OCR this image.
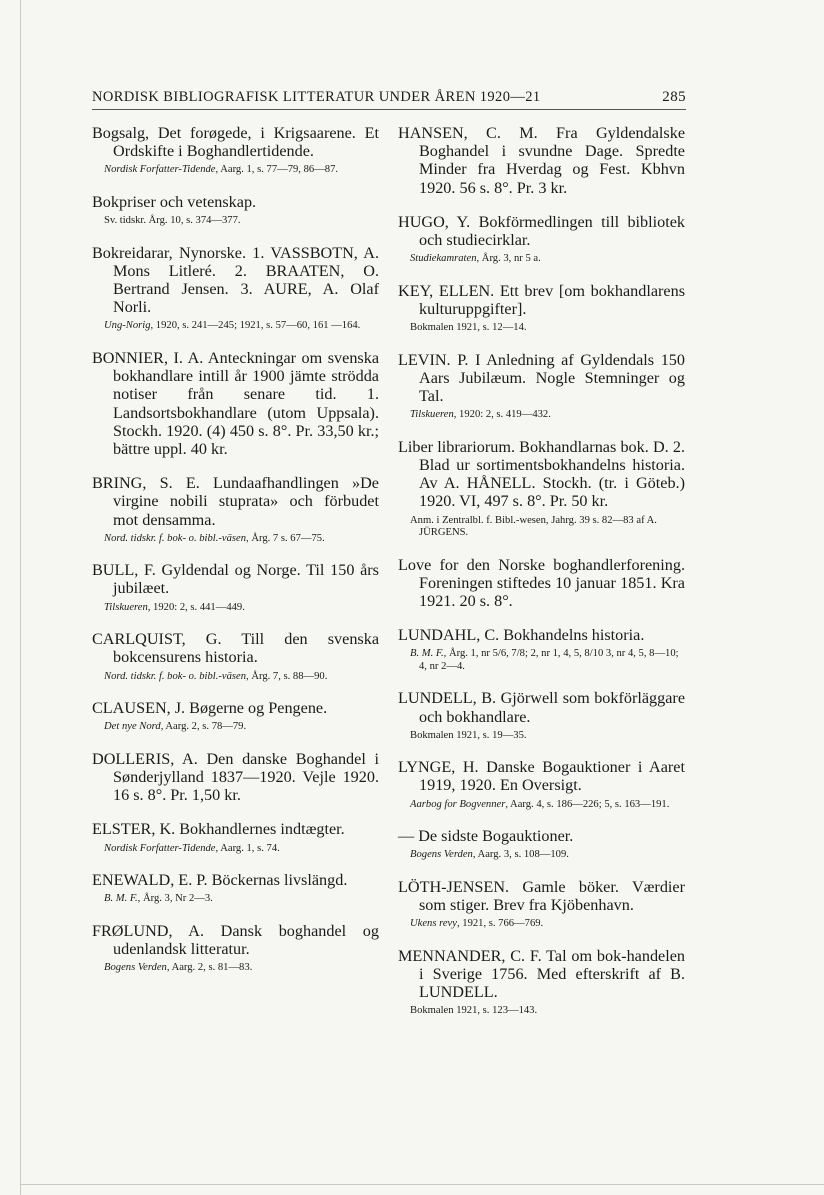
NORDISK BIBLIOGRAFISK LITTERATUR UNDER ÅREN 1920—21	285
Bogsalg, Det forøgede, i Krigsaarene. Et Ordskifte i Boghandlertidende.
Nordisk Forfatter-Tidende, Aarg. 1, s. 77—79, 86—87.
Bokpriser och vetenskap.
Sv. tidskr. Årg. 10, s. 374—377.
Bokreidarar, Nynorske. 1. VASSBOTN, A. Mons Litleré. 2. BRAATEN, O. Bertrand Jensen. 3. AURE, A. Olaf Norli.
Ung-Norig, 1920, s. 241—245; 1921, s. 57—60, 161 —164.
BONNIER, I. A. Anteckningar om svenska bokhandlare intill år 1900 jämte strödda notiser från senare tid. 1. Landsortsbokhandlare (utom Uppsala). Stockh. 1920. (4) 450 s. 8°. Pr. 33,50 kr.; bättre uppl. 40 kr.
BRING, S. E. Lundaafhandlingen »De virgine nobili stuprata» och förbudet mot densamma.
Nord. tidskr. f. bok- o. bibl.-väsen, Årg. 7 s. 67—75.
BULL, F. Gyldendal og Norge. Til 150 års jubilæet.
Tilskueren, 1920: 2, s. 441—449.
CARLQUIST, G. Till den svenska bokcensurens historia.
Nord. tidskr. f. bok- o. bibl.-väsen, Årg. 7, s. 88—90.
CLAUSEN, J. Bøgerne og Pengene.
Det nye Nord, Aarg. 2, s. 78—79.
DOLLERIS, A. Den danske Boghandel i Sønderjylland 1837—1920. Vejle 1920. 16 s. 8°. Pr. 1,50 kr.
ELSTER, K. Bokhandlernes indtægter.
Nordisk Forfatter-Tidende, Aarg. 1, s. 74.
ENEWALD, E. P. Böckernas livslängd.
B. M. F., Årg. 3, Nr 2—3.
FRØLUND, A. Dansk boghandel og udenlandsk litteratur.
Bogens Verden, Aarg. 2, s. 81—83.
HANSEN, C. M. Fra Gyldendalske Boghandel i svundne Dage. Spredte Minder fra Hverdag og Fest. Kbhvn 1920. 56 s. 8°. Pr. 3 kr.
HUGO, Y. Bokförmedlingen till bibliotek och studiecirklar.
Studiekamraten, Årg. 3, nr 5 a.
KEY, ELLEN. Ett brev [om bokhandlarens kulturuppgifter].
Bokmalen 1921, s. 12—14.
LEVIN. P. I Anledning af Gyldendals 150 Aars Jubilæum. Nogle Stemninger og Tal.
Tilskueren, 1920: 2, s. 419—432.
Liber librariorum. Bokhandlarnas bok. D. 2. Blad ur sortimentsbokhandelns historia. Av A. HÅNELL. Stockh. (tr. i Göteb.) 1920. VI, 497 s. 8°. Pr. 50 kr.
Anm. i Zentralbl. f. Bibl.-wesen, Jahrg. 39 s. 82—83 af A. JÜRGENS.
Love for den Norske boghandlerforening. Foreningen stiftedes 10 januar 1851. Kra 1921. 20 s. 8°.
LUNDAHL, C. Bokhandelns historia.
B. M. F., Årg. 1, nr 5/6, 7/8; 2, nr 1, 4, 5, 8/10 3, nr 4, 5, 8—10; 4, nr 2—4.
LUNDELL, B. Gjörwell som bokförläggare och bokhandlare.
Bokmalen 1921, s. 19—35.
LYNGE, H. Danske Bogauktioner i Aaret 1919, 1920. En Oversigt.
Aarbog for Bogvenner, Aarg. 4, s. 186—226; 5, s. 163—191.
— De sidste Bogauktioner.
Bogens Verden, Aarg. 3, s. 108—109.
LÖTH-JENSEN. Gamle böker. Værdier som stiger. Brev fra Kjöbenhavn.
Ukens revy, 1921, s. 766—769.
MENNANDER, C. F. Tal om bok-handelen i Sverige 1756. Med efterskrift af B. LUNDELL.
Bokmalen 1921, s. 123—143.
